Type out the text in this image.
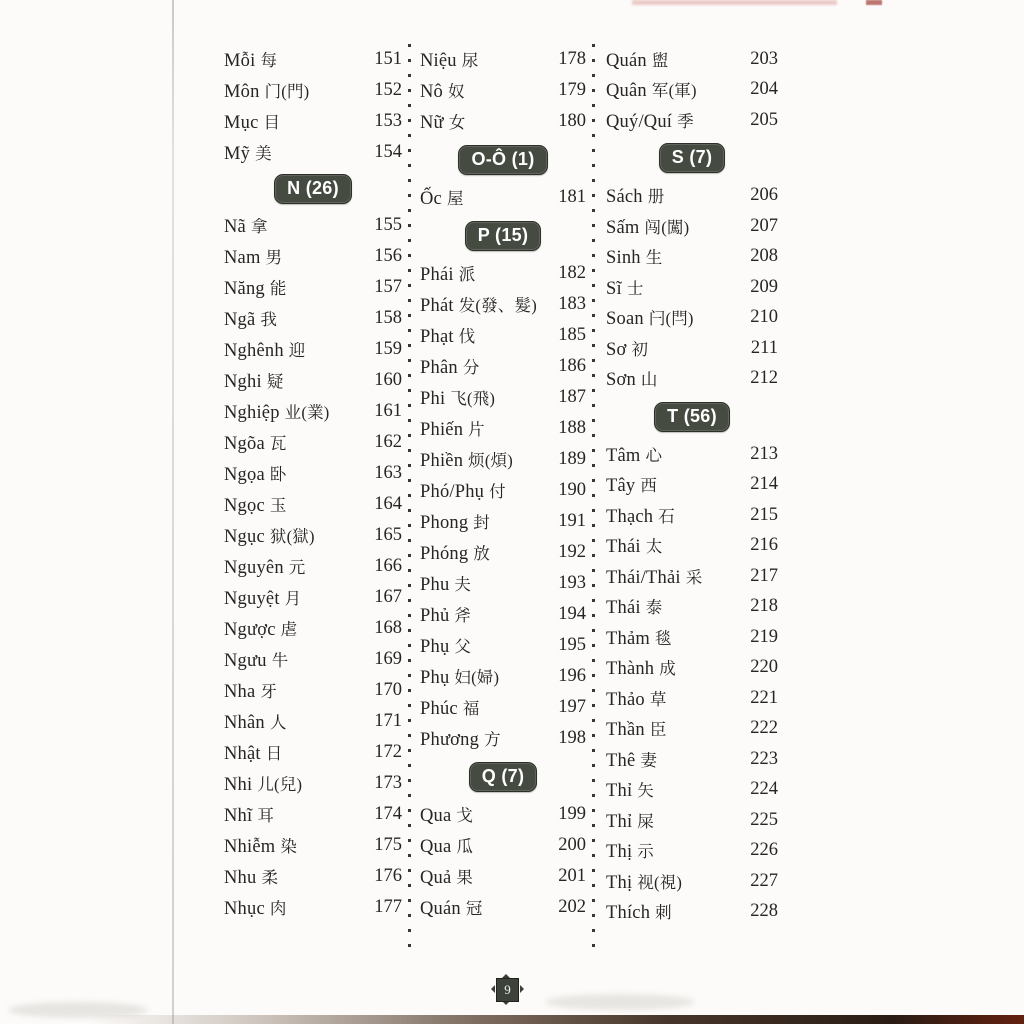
Mỗi 每	151
Môn 门(門)	152
Mục 目	153
Mỹ 美	154
N (26)
Nã 拿	155
Nam 男	156
Năng 能	157
Ngã 我	158
Nghênh 迎	159
Nghi 疑	160
Nghiệp 业(業) 161
Ngõa 瓦	162
Ngọa 卧	163
Ngọc 玉	164
Ngục 狱(獄)	165
Nguyên 元	166
Nguyệt 月	167
Ngược 虐	168
Ngưu 牛	169
Nha 牙	170
Nhân 人	171
Nhật 日	172
Nhi 儿(兒)	173
Nhĩ 耳	174
Nhiễm 染	175
Nhu 柔	176
Nhục 肉	177
Niệu 尿	178
Nô 奴	179
Nữ 女	180
O-Ô (1)
Ốc 屋	181
P (15)
Phái 派	182
Phát 发(發、髮) 183
Phạt 伐	185
Phân 分	186
Phi 飞(飛)	187
Phiến 片	188
Phiền 烦(煩) 189
Phó/Phụ 付	190
Phong 封	191
Phóng 放	192
Phu 夫	193
Phủ 斧	194
Phụ 父	195
Phụ 妇(婦)	196
Phúc 福	197
Phương 方	198
Q (7)
Qua 戈	199
Qua 瓜	200
Quả 果	201
Quán 冠	202
Quán 盥	203
Quân 军(軍)	204
Quý/Quí 季	205
S (7)
Sách 册	206
Sấm 闯(闖)	207
Sinh 生	208
Sĩ 士	209
Soan 闩(閂)	210
Sơ 初	211
Sơn 山	212
T (56)
Tâm 心	213
Tây 西	214
Thạch 石	215
Thái 太	216
Thái/Thải 采	217
Thái 泰	218
Thảm 毯	219
Thành 成	220
Thảo 草	221
Thần 臣	222
Thê 妻	223
Thỉ 矢	224
Thỉ 屎	225
Thị 示	226
Thị 视(視)	227
Thích 刺	228
9
